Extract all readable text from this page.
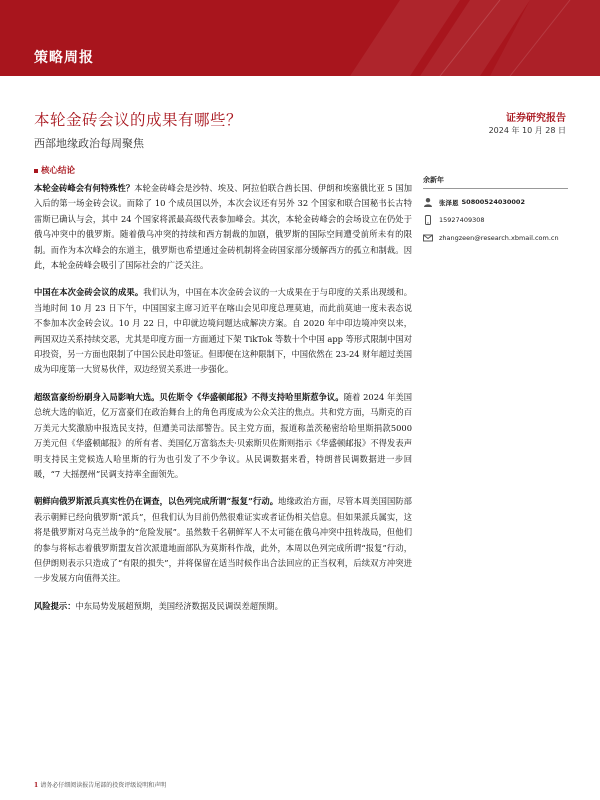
策略周报
本轮金砖会议的成果有哪些？
西部地缘政治每周聚焦
证券研究报告
2024 年 10 月 28 日
核心结论

本轮金砖峰会有何特殊性？本轮金砖峰会是沙特、埃及、阿拉伯联合酋长国、伊朗和埃塞俄比亚 5 国加入后的第一场金砖会议。而除了 10 个成员国以外，本次会议还有另外 32 个国家和联合国秘书长古特雷斯已确认与会，其中 24 个国家将派最高级代表参加峰会。其次，本轮金砖峰会的会场设立在仍处于俄乌冲突中的俄罗斯。随着俄乌冲突的持续和西方制裁的加剧，俄罗斯的国际空间遭受前所未有的限制。而作为本次峰会的东道主，俄罗斯也希望通过金砖机制将金砖国家部分缓解西方的孤立和制裁。因此，本轮金砖峰会吸引了国际社会的广泛关注。

中国在本次金砖会议的成果。我们认为，中国在本次金砖会议的一大成果在于与印度的关系出现缓和。当地时间 10 月 23 日下午，中国国家主席习近平在喀山会见印度总理莫迪，而此前莫迪一度未表态说不参加本次金砖会议。10 月 22 日，中印就边境问题达成解决方案。自 2020 年中印边境冲突以来，两国双边关系持续交恶，尤其是印度方面一方面通过下架 TikTok 等数十个中国 app 等形式限制中国对印投资，另一方面也限制了中国公民赴印签证。但即便在这种限制下，中国依然在 23-24 财年超过美国成为印度第一大贸易伙伴，双边经贸关系进一步强化。

超级富豪纷纷刷身入局影响大选。贝佐斯令《华盛顿邮报》不得支持哈里斯惹争议。随着 2024 年美国总统大选的临近，亿万富豪们在政治舞台上的角色再度成为公众关注的焦点。共和党方面，马斯克的百万美元大奖激励申报选民支持，但遭美司法部警告。民主党方面，报道称盖茨秘密给哈里斯捐款5000 万美元但《华盛顿邮报》的所有者、美国亿万富翁杰夫·贝索斯贝佐斯则指示《华盛顿邮报》不得发表声明支持民主党候选人哈里斯的行为也引发了不少争议。从民调数据来看，特朗普民调数据进一步回暖，“7 大摇摆州”民调支持率全面领先。

朝鲜向俄罗斯派兵真实性仍在调查，以色列完成所谓“报复”行动。地缘政治方面，尽管本周美国国防部表示朝鲜已经向俄罗斯“派兵”，但我们认为目前仍然很难证实或者证伪相关信息。但如果派兵属实，这将是俄罗斯对乌克兰战争的“危险发展”。虽然数千名朝鲜军人不太可能在俄乌冲突中扭转战局，但他们的参与将标志着俄罗斯盟友首次派遣地面部队为莫斯科作战，此外，本周以色列完成所谓“报复”行动，但伊朗则表示只造成了“有限的损失”，并将保留在适当时候作出合法回应的正当权利，后续双方冲突进一步发展方向值得关注。

风险提示：中东局势发展超预期，美国经济数据及民调误差超预期。

余新年
张泽恩 S0800524030002
15927409308
zhangzeen@research.xbmail.com.cn
1 请务必仔细阅读报告尾部的投资评级说明和声明
